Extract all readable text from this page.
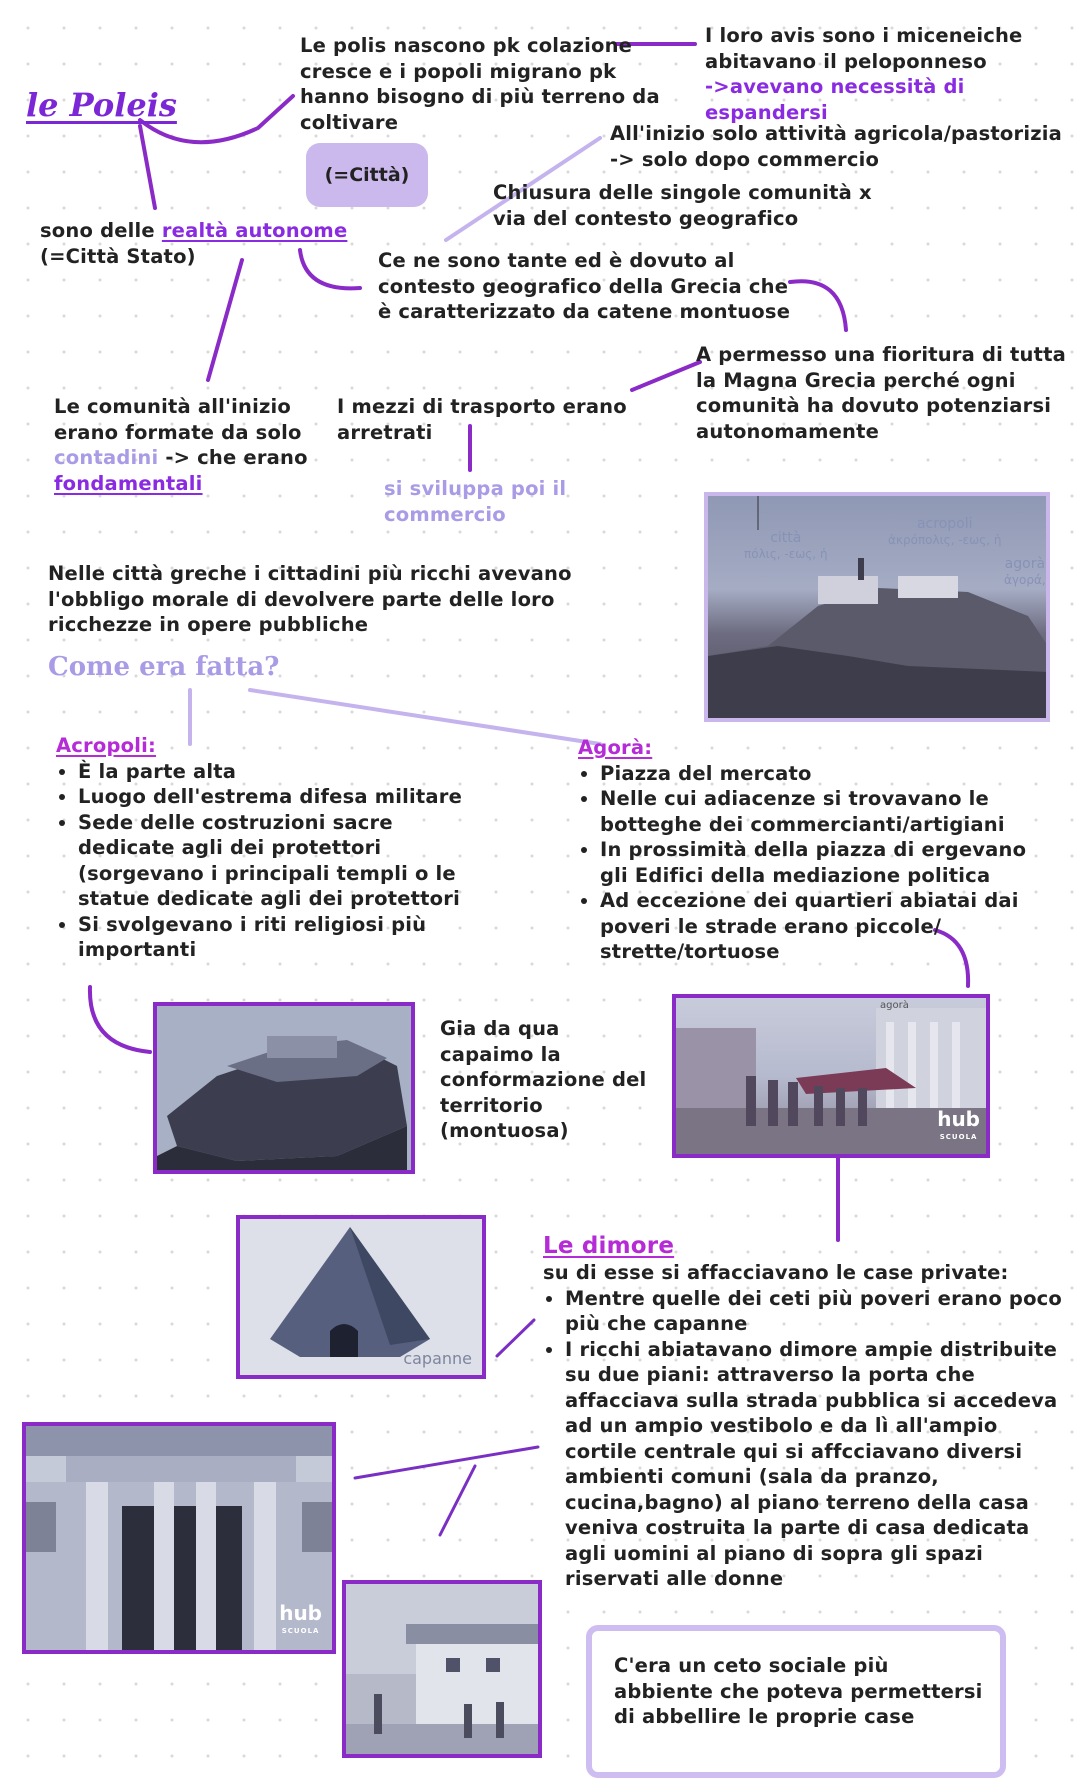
le Poleis
Le polis nascono pk colazione cresce e i popoli migrano pk hanno bisogno di più terreno da coltivare
I loro avis sono i miceneiche
abitavano il peloponneso
->avevano necessità di espandersi
(=Città)
All'inizio solo attività agricola/pastorizia
-> solo dopo commercio
Chiusura delle singole comunità x via del contesto geografico
sono delle realtà autonome
(=Città Stato)	Ce ne sono tante ed è dovuto al contesto geografico della Grecia che è caratterizzato da catene montuose
A permesso una fioritura di tutta la Magna Grecia perché ogni comunità ha dovuto potenziarsi autonomamente
Le comunità all'inizio erano formate da solo contadini -> che erano fondamentali
I mezzi di trasporto erano arretrati
si sviluppa poi il commercio
Nelle città greche i cittadini più ricchi avevano l'obbligo morale di devolvere parte delle loro ricchezze in opere pubbliche
città
πόλις, -εως, ἡ
acropoli
ἀκρόπολις, -εως, ἡ
agorà
ἀγορά,
Come era fatta?
Acropoli:
• È la parte alta
• Luogo dell'estrema difesa militare
• Sede delle costruzioni sacre dedicate agli dei protettori (sorgevano i principali templi o le statue dedicate agli dei protettori
• Si svolgevano i riti religiosi più importanti
Agorà:
• Piazza del mercato
• Nelle cui adiacenze si trovavano le botteghe dei commercianti/artigiani
• In prossimità della piazza di ergevano gli Edifici della mediazione politica
• Ad eccezione dei quartieri abiatai dai poveri le strade erano piccole/ strette/tortuose
Gia da qua capaimo la conformazione del territorio (montuosa)
agorà
hub
SCUOLA
capanne
Le dimore
su di esse si affacciavano le case private:
• Mentre quelle dei ceti più poveri erano poco più che capanne
• I ricchi abiatavano dimore ampie distribuite su due piani: attraverso la porta che affacciava sulla strada pubblica si accedeva ad un ampio vestibolo e da lì all'ampio cortile centrale qui si affcciavano diversi ambienti comuni (sala da pranzo, cucina,bagno) al piano terreno della casa veniva costruita la parte di casa dedicata agli uomini al piano di sopra gli spazi riservati alle donne
hub
SCUOLA
C'era un ceto sociale più abbiente che poteva permettersi di abbellire le proprie case
